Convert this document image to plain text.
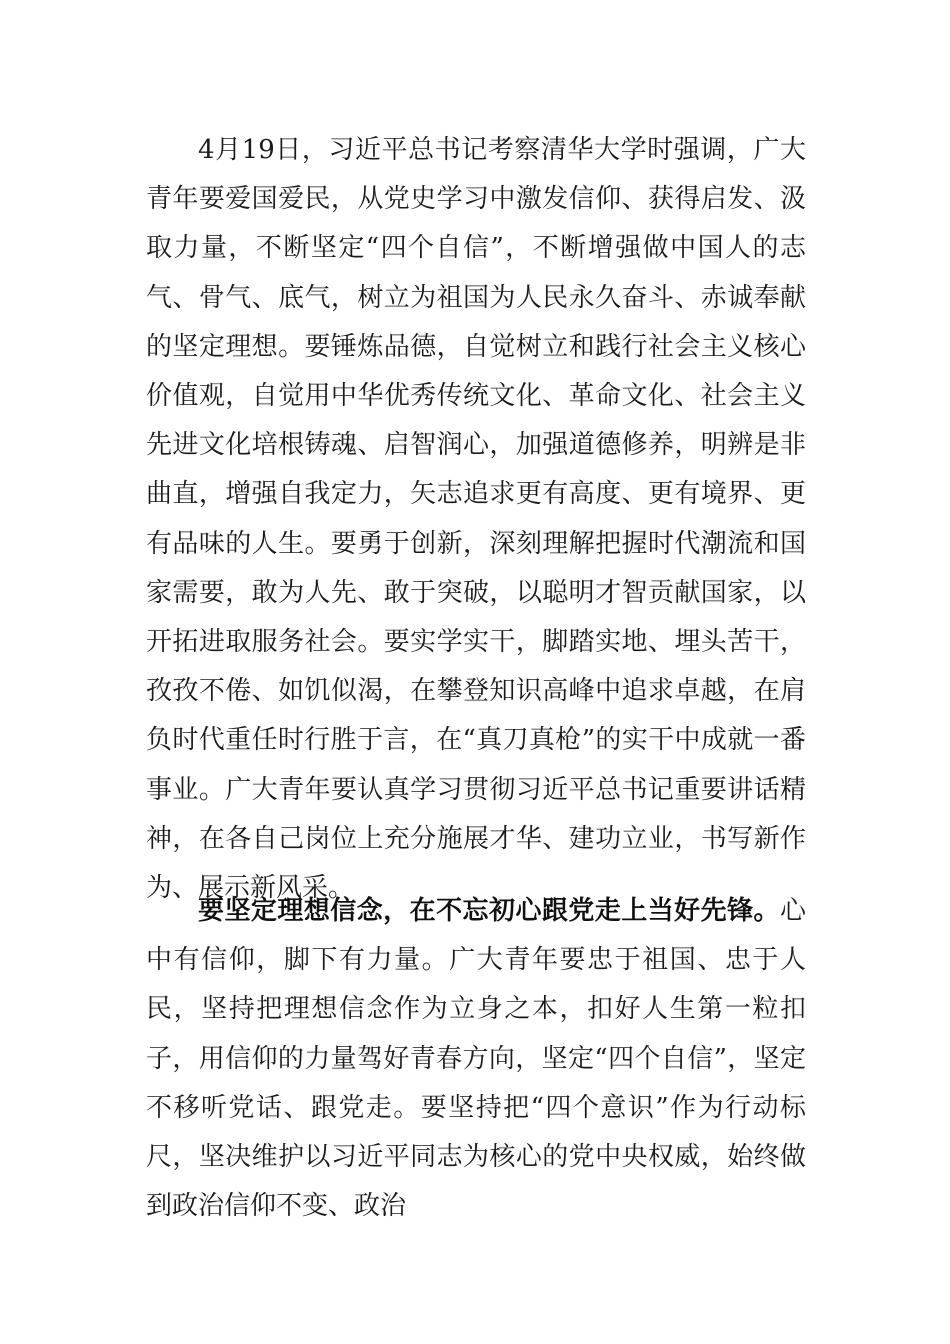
4月19日，习近平总书记考察清华大学时强调，广大青年要爱国爱民，从党史学习中激发信仰、获得启发、汲取力量，不断坚定“四个自信”，不断增强做中国人的志气、骨气、底气，树立为祖国为人民永久奋斗、赤诚奉献的坚定理想。要锤炼品德，自觉树立和践行社会主义核心价值观，自觉用中华优秀传统文化、革命文化、社会主义先进文化培根铸魂、启智润心，加强道德修养，明辨是非曲直，增强自我定力，矢志追求更有高度、更有境界、更有品味的人生。要勇于创新，深刻理解把握时代潮流和国家需要，敢为人先、敢于突破，以聪明才智贡献国家，以开拓进取服务社会。要实学实干，脚踏实地、埋头苦干，孜孜不倦、如饥似渴，在攀登知识高峰中追求卓越，在肩负时代重任时行胜于言，在“真刀真枪”的实干中成就一番事业。广大青年要认真学习贯彻习近平总书记重要讲话精神，在各自己岗位上充分施展才华、建功立业，书写新作为、展示新风采。

要坚定理想信念，在不忘初心跟党走上当好先锋。心中有信仰，脚下有力量。广大青年要忠于祖国、忠于人民，坚持把理想信念作为立身之本，扣好人生第一粒扣子，用信仰的力量驾好青春方向，坚定“四个自信”，坚定不移听党话、跟党走。要坚持把“四个意识”作为行动标尺，坚决维护以习近平同志为核心的党中央权威，始终做到政治信仰不变、政治
